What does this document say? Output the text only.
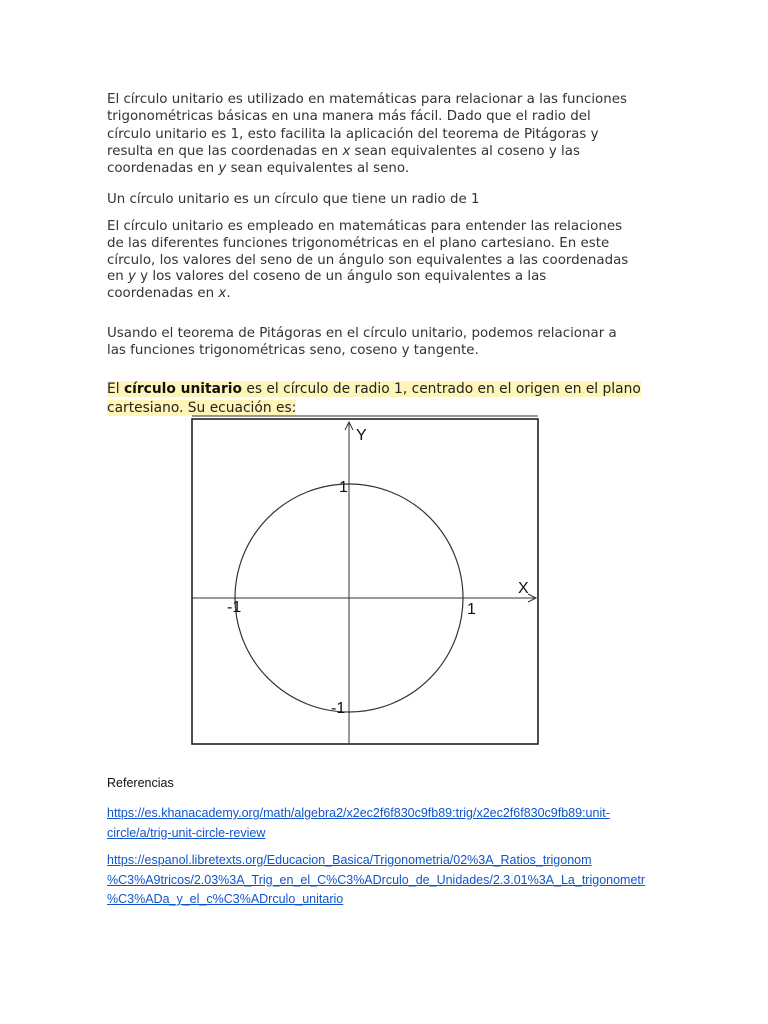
El círculo unitario es utilizado en matemáticas para relacionar a las funciones
trigonométricas básicas en una manera más fácil. Dado que el radio del
círculo unitario es 1, esto facilita la aplicación del teorema de Pitágoras y
resulta en que las coordenadas en x sean equivalentes al coseno y las
coordenadas en y sean equivalentes al seno.

Un círculo unitario es un círculo que tiene un radio de 1

El círculo unitario es empleado en matemáticas para entender las relaciones
de las diferentes funciones trigonométricas en el plano cartesiano. En este
círculo, los valores del seno de un ángulo son equivalentes a las coordenadas
en y y los valores del coseno de un ángulo son equivalentes a las
coordenadas en x.

Usando el teorema de Pitágoras en el círculo unitario, podemos relacionar a
las funciones trigonométricas seno, coseno y tangente.

El círculo unitario es el círculo de radio 1, centrado en el origen en el plano
cartesiano. Su ecuación es:

Y
X
1
-1
-1	1
Referencias
https://es.khanacademy.org/math/algebra2/x2ec2f6f830c9fb89:trig/x2ec2f6f830c9fb89:unit-
circle/a/trig-unit-circle-review
https://espanol.libretexts.org/Educacion_Basica/Trigonometria/02%3A_Ratios_trigonom
%C3%A9tricos/2.03%3A_Trig_en_el_C%C3%ADrculo_de_Unidades/2.3.01%3A_La_trigonometr
%C3%ADa_y_el_c%C3%ADrculo_unitario
